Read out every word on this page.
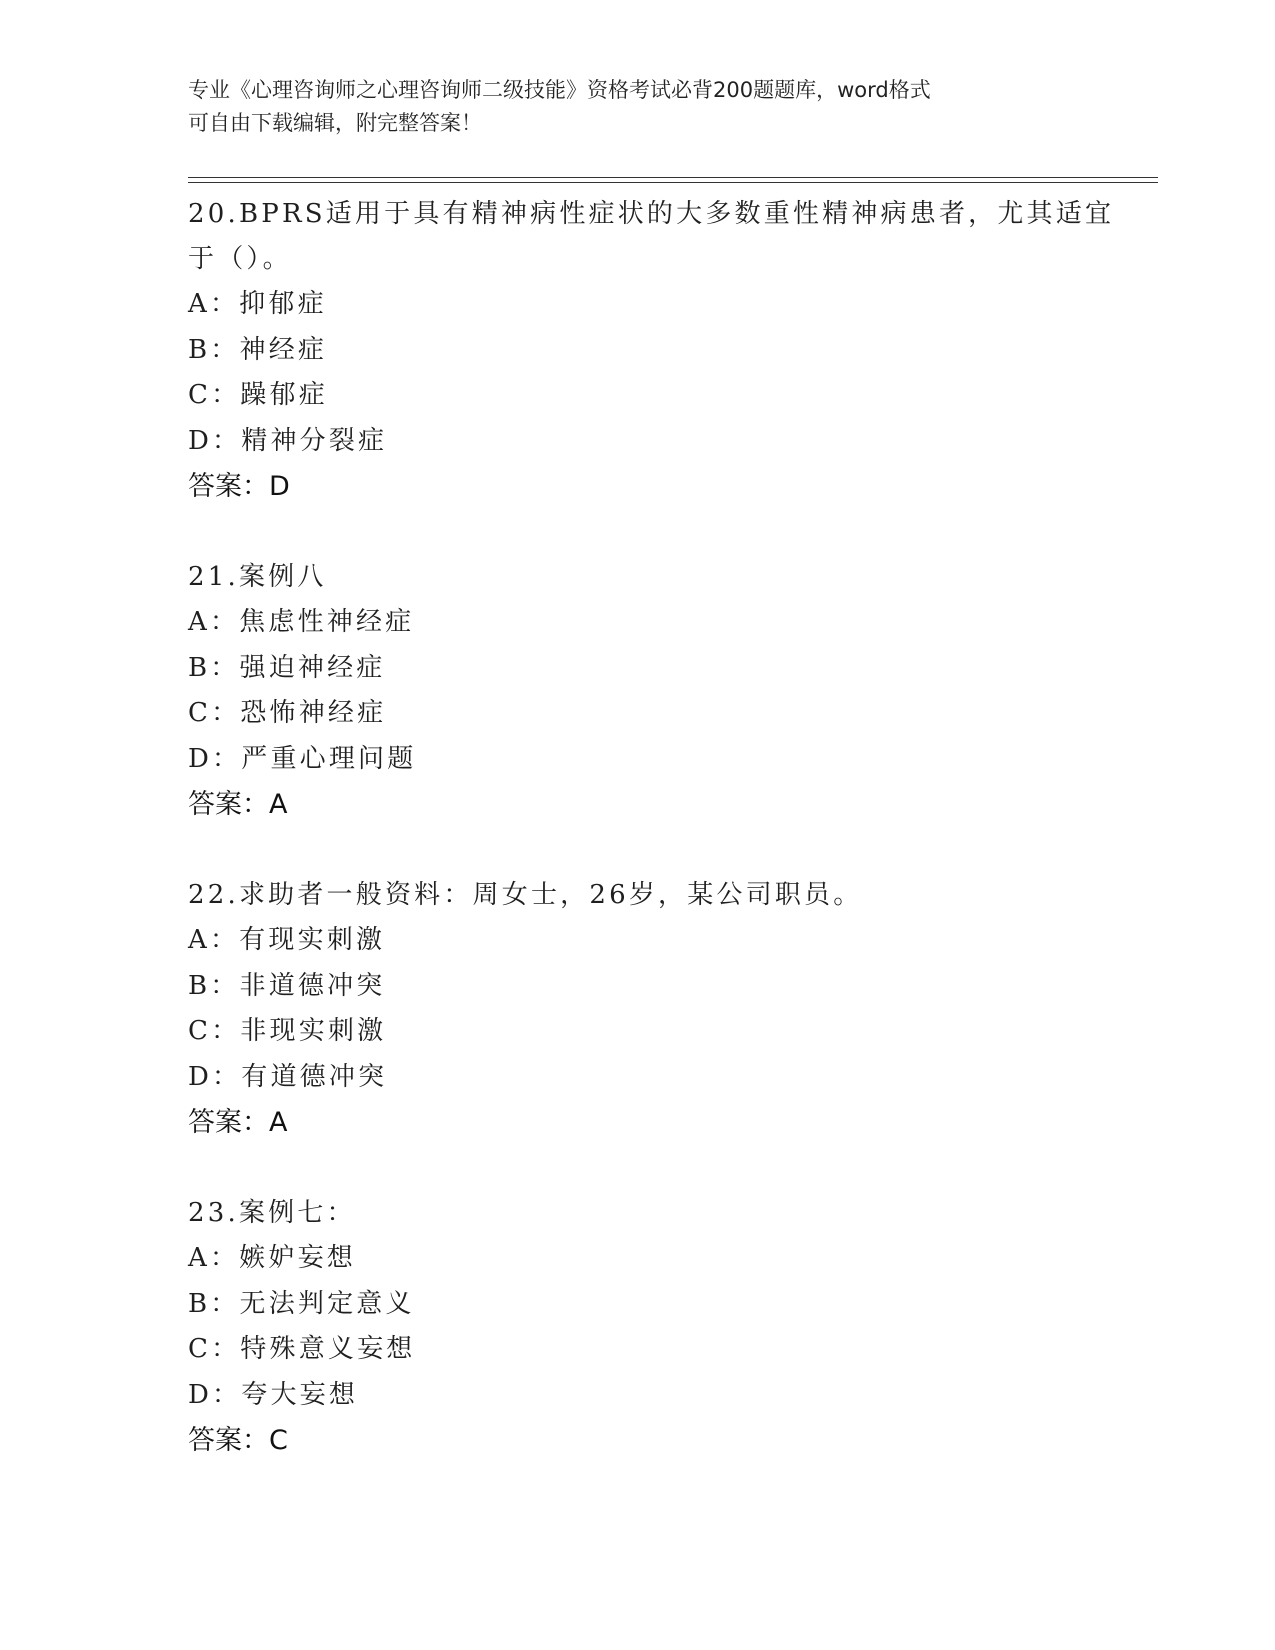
专业《心理咨询师之心理咨询师二级技能》资格考试必背200题题库，word格式
可自由下载编辑，附完整答案！
20.BPRS适用于具有精神病性症状的大多数重性精神病患者，尤其适宜
于（）。
A：抑郁症
B：神经症
C：躁郁症
D：精神分裂症
答案：D
21.案例八
A：焦虑性神经症
B：强迫神经症
C：恐怖神经症
D：严重心理问题
答案：A
22.求助者一般资料：周女士，26岁，某公司职员。
A：有现实刺激
B：非道德冲突
C：非现实刺激
D：有道德冲突
答案：A
23.案例七：
A：嫉妒妄想
B：无法判定意义
C：特殊意义妄想
D：夸大妄想
答案：C
